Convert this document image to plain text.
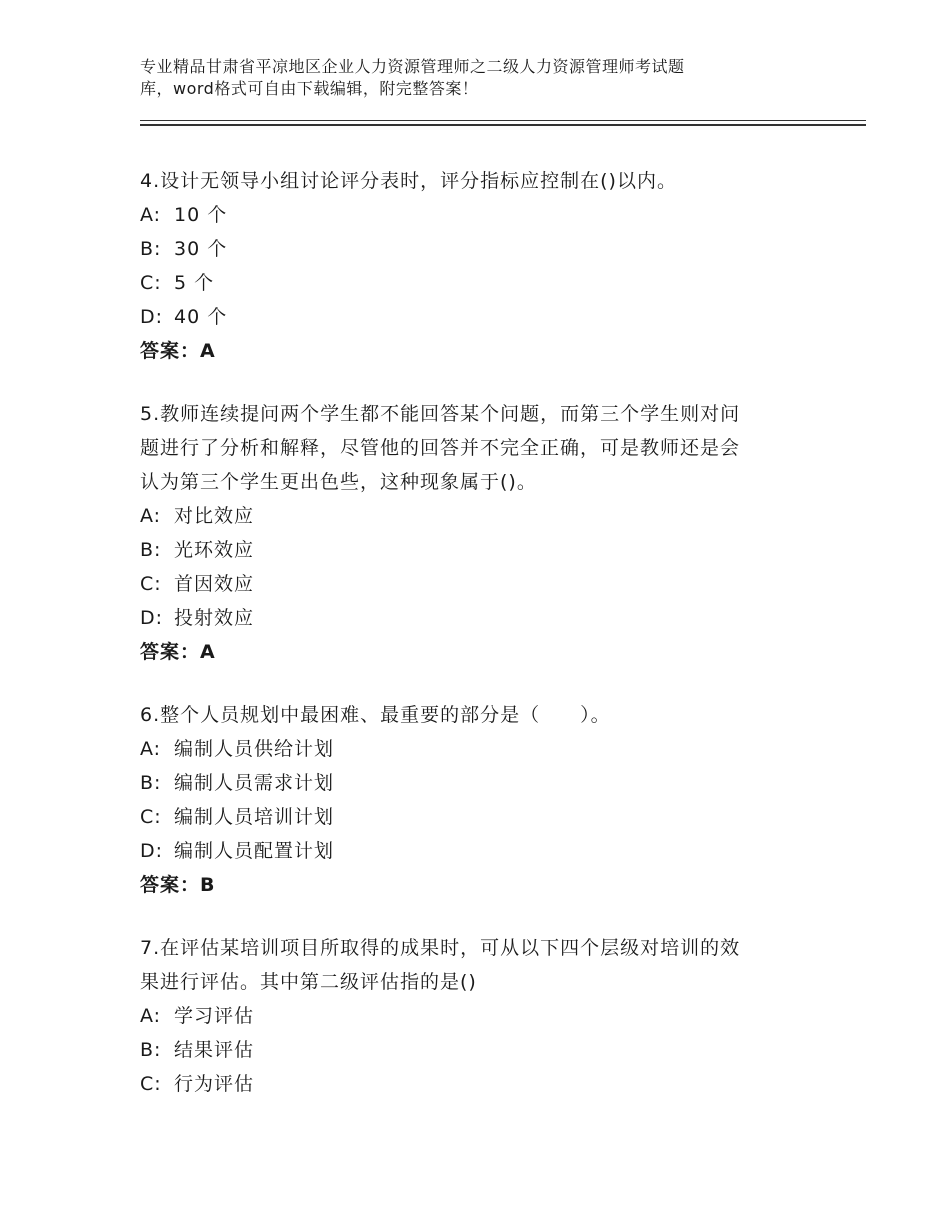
专业精品甘肃省平凉地区企业人力资源管理师之二级人力资源管理师考试题
库，word格式可自由下载编辑，附完整答案！
4.设计无领导小组讨论评分表时，评分指标应控制在()以内。
A: 10 个
B: 30 个
C: 5 个
D: 40 个
答案：A
5.教师连续提问两个学生都不能回答某个问题，而第三个学生则对问
题进行了分析和解释，尽管他的回答并不完全正确，可是教师还是会
认为第三个学生更出色些，这种现象属于()。
A: 对比效应
B: 光环效应
C: 首因效应
D: 投射效应
答案：A
6.整个人员规划中最困难、最重要的部分是（　　）。
A: 编制人员供给计划
B: 编制人员需求计划
C: 编制人员培训计划
D: 编制人员配置计划
答案：B
7.在评估某培训项目所取得的成果时，可从以下四个层级对培训的效
果进行评估。其中第二级评估指的是()
A: 学习评估
B: 结果评估
C: 行为评估
